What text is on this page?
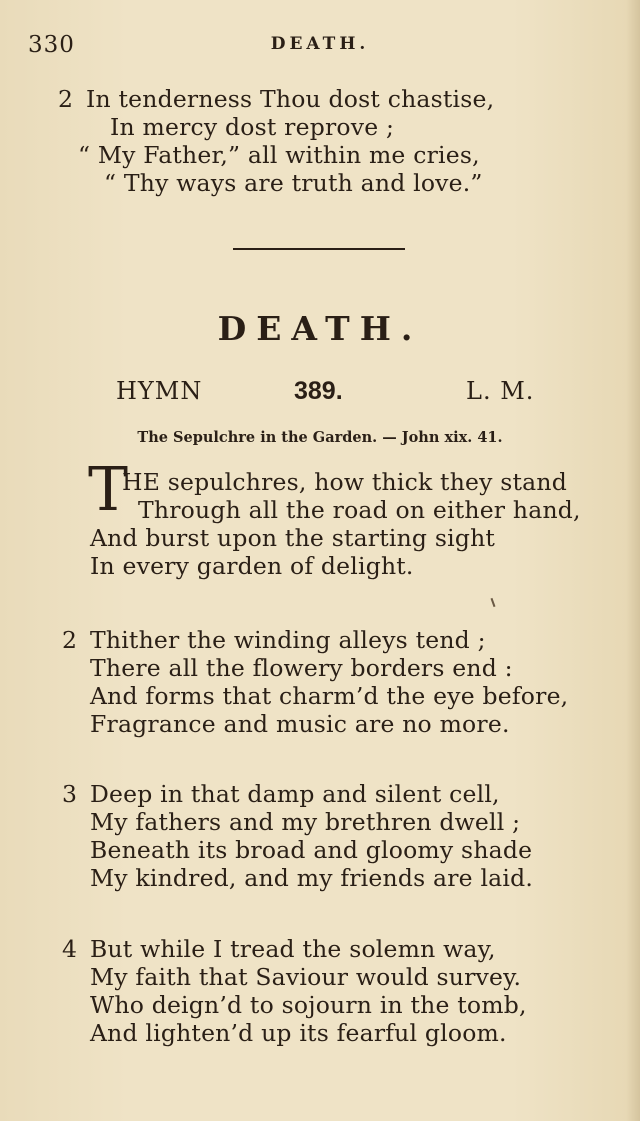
330	DEATH.
2 In tenderness Thou dost chastise,
In mercy dost reprove ;
“ My Father,” all within me cries,
“ Thy ways are truth and love.”
DEATH.
HYMN	389.	L. M.
The Sepulchre in the Garden. — John xix. 41.
T
HE sepulchres, how thick they stand
Through all the road on either hand,
And burst upon the starting sight
In every garden of delight.
2 Thither the winding alleys tend ;
There all the flowery borders end :
And forms that charm’d the eye before,
Fragrance and music are no more.
3 Deep in that damp and silent cell,
My fathers and my brethren dwell ;
Beneath its broad and gloomy shade
My kindred, and my friends are laid.
4 But while I tread the solemn way,
My faith that Saviour would survey.
Who deign’d to sojourn in the tomb,
And lighten’d up its fearful gloom.
